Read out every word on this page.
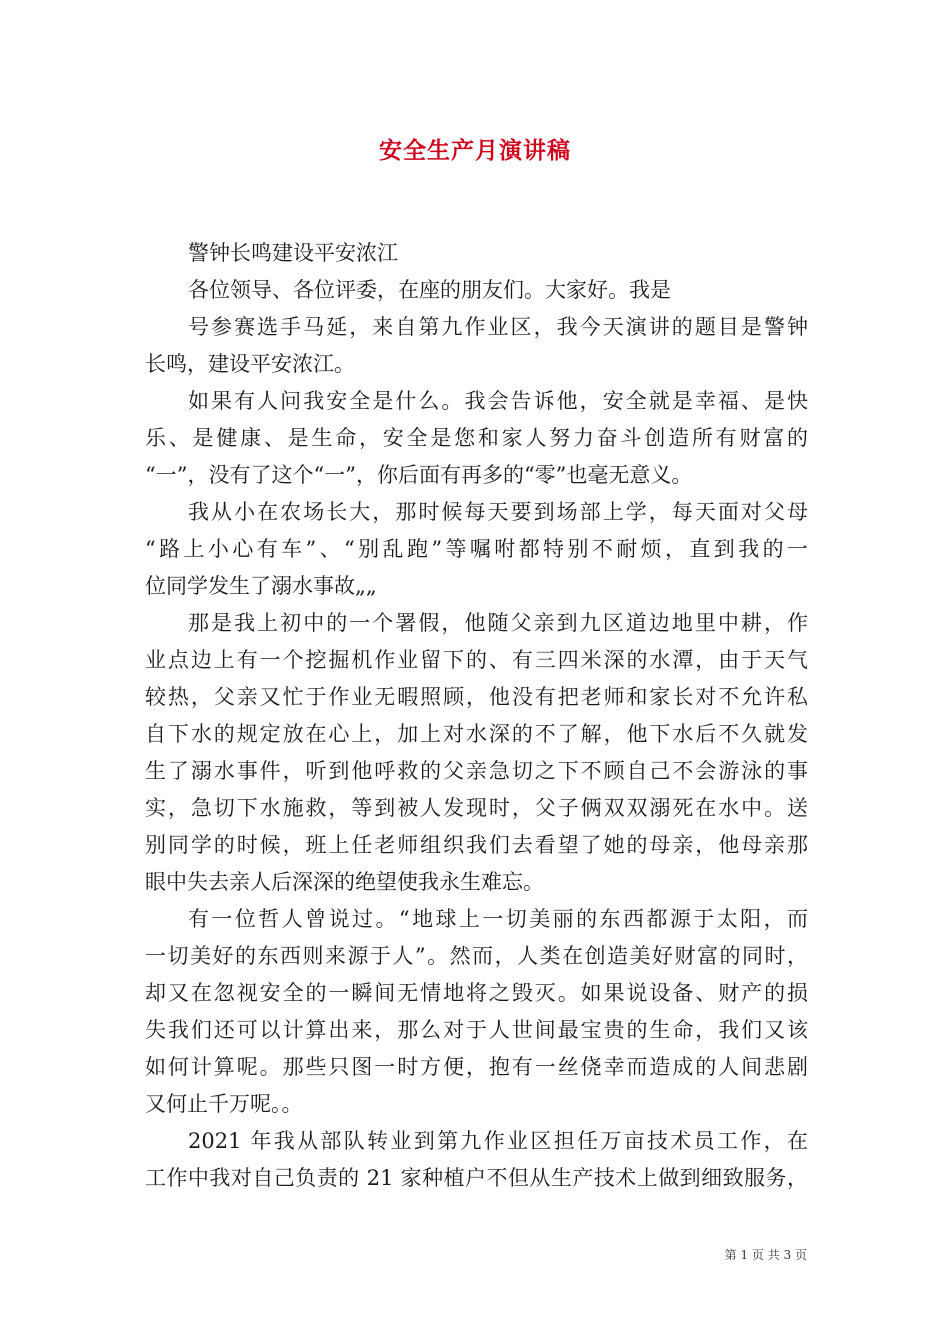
安全生产月演讲稿
警钟长鸣建设平安浓江
各位领导、各位评委，在座的朋友们。大家好。我是
号参赛选手马延，来自第九作业区，我今天演讲的题目是警钟
长鸣，建设平安浓江。
如果有人问我安全是什么。我会告诉他，安全就是幸福、是快
乐、是健康、是生命，安全是您和家人努力奋斗创造所有财富的
“一”，没有了这个“一”，你后面有再多的“零”也毫无意义。
我从小在农场长大，那时候每天要到场部上学，每天面对父母
“路上小心有车”、“别乱跑”等嘱咐都特别不耐烦，直到我的一
位同学发生了溺水事故„„
那是我上初中的一个署假，他随父亲到九区道边地里中耕，作
业点边上有一个挖掘机作业留下的、有三四米深的水潭，由于天气
较热，父亲又忙于作业无暇照顾，他没有把老师和家长对不允许私
自下水的规定放在心上，加上对水深的不了解，他下水后不久就发
生了溺水事件，听到他呼救的父亲急切之下不顾自己不会游泳的事
实，急切下水施救，等到被人发现时，父子俩双双溺死在水中。送
别同学的时候，班上任老师组织我们去看望了她的母亲，他母亲那
眼中失去亲人后深深的绝望使我永生难忘。
有一位哲人曾说过。“地球上一切美丽的东西都源于太阳，而
一切美好的东西则来源于人”。然而，人类在创造美好财富的同时，
却又在忽视安全的一瞬间无情地将之毁灭。如果说设备、财产的损
失我们还可以计算出来，那么对于人世间最宝贵的生命，我们又该
如何计算呢。那些只图一时方便，抱有一丝侥幸而造成的人间悲剧
又何止千万呢。。
2021 年我从部队转业到第九作业区担任万亩技术员工作，在
工作中我对自己负责的 21 家种植户不但从生产技术上做到细致服务，
第 1 页 共 3 页
